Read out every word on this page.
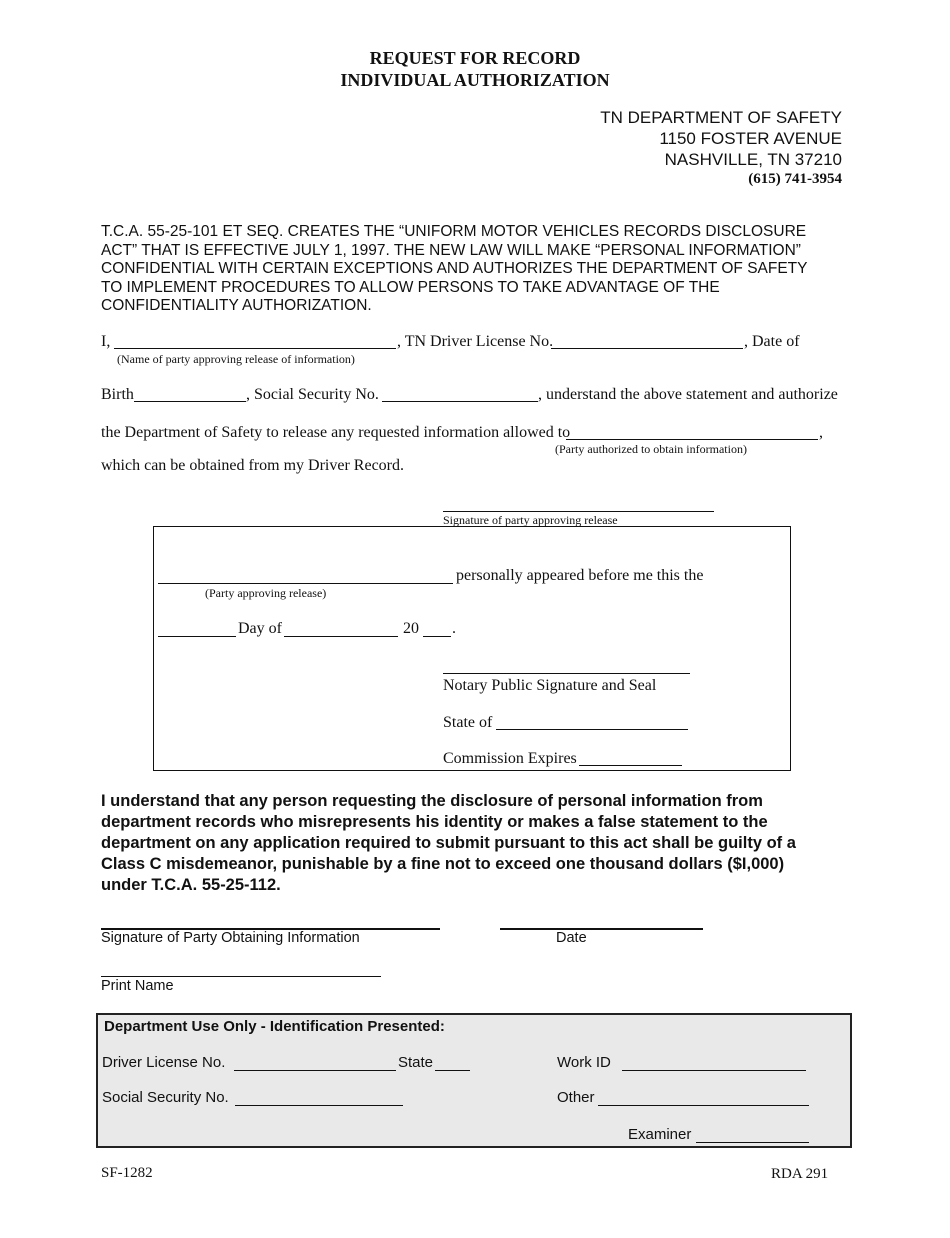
REQUEST FOR RECORD
INDIVIDUAL AUTHORIZATION
TN DEPARTMENT OF SAFETY
1150 FOSTER AVENUE
NASHVILLE, TN 37210
(615) 741-3954
T.C.A. 55-25-101 ET SEQ. CREATES THE “UNIFORM MOTOR VEHICLES RECORDS DISCLOSURE
ACT” THAT IS EFFECTIVE JULY 1, 1997. THE NEW LAW WILL MAKE “PERSONAL INFORMATION”
CONFIDENTIAL WITH CERTAIN EXCEPTIONS AND AUTHORIZES THE DEPARTMENT OF SAFETY
TO IMPLEMENT PROCEDURES TO ALLOW PERSONS TO TAKE ADVANTAGE OF THE
CONFIDENTIALITY AUTHORIZATION.
I,
(Name of party approving release of information)
, TN Driver License No.	, Date of
Birth	, Social Security No.	, understand the above statement and authorize
the Department of Safety to release any requested information allowed to	,
(Party authorized to obtain information)
which can be obtained from my Driver Record.
Signature of party approving release
personally appeared before me this the
(Party approving release)
Day of	20 .
Notary Public Signature and Seal
State of
Commission Expires
I understand that any person requesting the disclosure of personal information from
department records who misrepresents his identity or makes a false statement to the
department on any application required to submit pursuant to this act shall be guilty of a
Class C misdemeanor, punishable by a fine not to exceed one thousand dollars ($I,000)
under T.C.A. 55-25-112.
Signature of Party Obtaining Information	Date
Print Name
Department Use Only - Identification Presented:
Driver License No.	State	Work ID
Social Security No.	Other
Examiner
SF-1282	RDA 291
